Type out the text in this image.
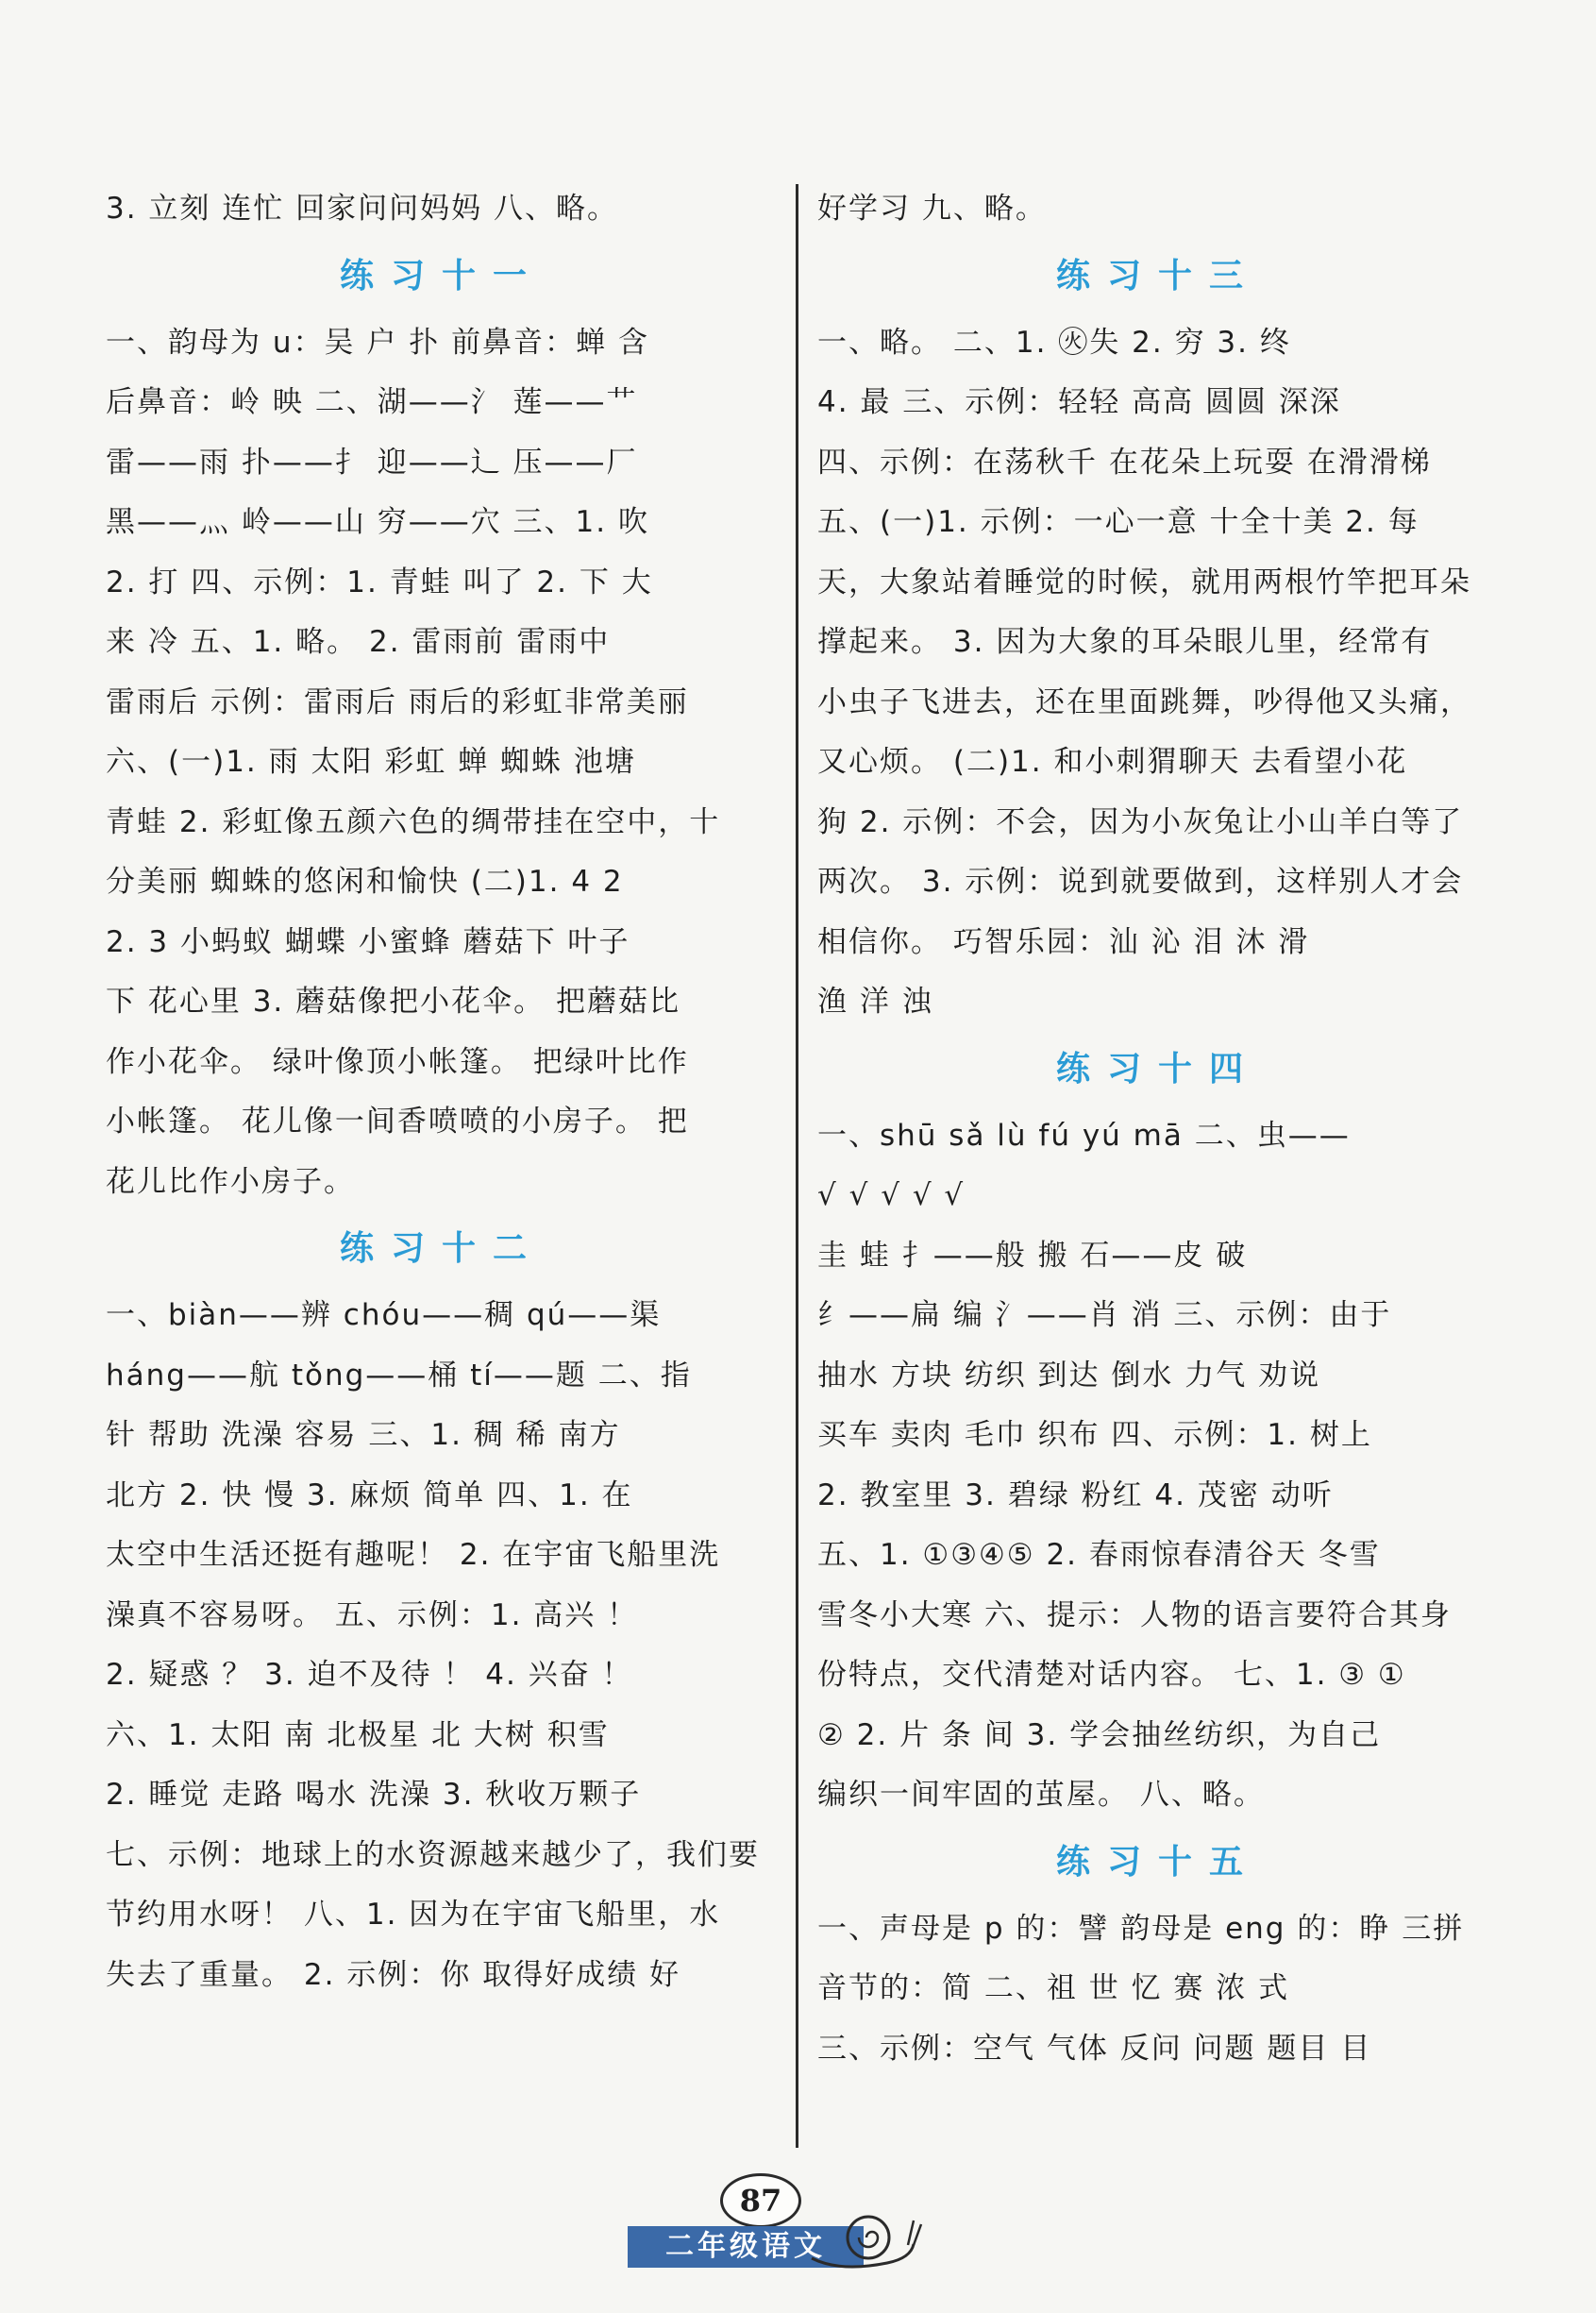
3. 立刻 连忙 回家问问妈妈 八、略。
练习十一
一、韵母为 u：吴 户 扑 前鼻音：蝉 含
后鼻音：岭 映 二、湖——氵 莲——艹
雷——雨 扑——扌 迎——辶 压——厂
黑——灬 岭——山 穷——穴 三、1. 吹
2. 打 四、示例：1. 青蛙 叫了 2. 下 大
来 冷 五、1. 略。 2. 雷雨前 雷雨中
雷雨后 示例：雷雨后 雨后的彩虹非常美丽
六、(一)1. 雨 太阳 彩虹 蝉 蜘蛛 池塘
青蛙 2. 彩虹像五颜六色的绸带挂在空中，十
分美丽 蜘蛛的悠闲和愉快 (二)1. 4 2
2. 3 小蚂蚁 蝴蝶 小蜜蜂 蘑菇下 叶子
下 花心里 3. 蘑菇像把小花伞。 把蘑菇比
作小花伞。 绿叶像顶小帐篷。 把绿叶比作
小帐篷。 花儿像一间香喷喷的小房子。 把
花儿比作小房子。
练习十二
一、biàn——辨 chóu——稠 qú——渠
háng——航 tǒng——桶 tí——题 二、指
针 帮助 洗澡 容易 三、1. 稠 稀 南方
北方 2. 快 慢 3. 麻烦 简单 四、1. 在
太空中生活还挺有趣呢！ 2. 在宇宙飞船里洗
澡真不容易呀。 五、示例：1. 高兴 ！
2. 疑惑 ？ 3. 迫不及待 ！ 4. 兴奋 ！
六、1. 太阳 南 北极星 北 大树 积雪
2. 睡觉 走路 喝水 洗澡 3. 秋收万颗子
七、示例：地球上的水资源越来越少了，我们要
节约用水呀！ 八、1. 因为在宇宙飞船里，水
失去了重量。 2. 示例：你 取得好成绩 好
好学习 九、略。
练习十三
一、略。 二、1. ㊋失 2. 穷 3. 终
4. 最 三、示例：轻轻 高高 圆圆 深深
四、示例：在荡秋千 在花朵上玩耍 在滑滑梯
五、(一)1. 示例：一心一意 十全十美 2. 每
天，大象站着睡觉的时候，就用两根竹竿把耳朵
撑起来。 3. 因为大象的耳朵眼儿里，经常有
小虫子飞进去，还在里面跳舞，吵得他又头痛，
又心烦。 (二)1. 和小刺猬聊天 去看望小花
狗 2. 示例：不会，因为小灰兔让小山羊白等了
两次。 3. 示例：说到就要做到，这样别人才会
相信你。 巧智乐园：汕 沁 泪 沐 滑
渔 洋 浊
练习十四
一、shū sǎ lù fú yú mā 二、虫——
√ √ √ √ √
圭 蛙 扌——般 搬 石——皮 破
纟——扁 编 氵——肖 消 三、示例：由于
抽水 方块 纺织 到达 倒水 力气 劝说
买车 卖肉 毛巾 织布 四、示例：1. 树上
2. 教室里 3. 碧绿 粉红 4. 茂密 动听
五、1. ①③④⑤ 2. 春雨惊春清谷天 冬雪
雪冬小大寒 六、提示：人物的语言要符合其身
份特点，交代清楚对话内容。 七、1. ③ ①
② 2. 片 条 间 3. 学会抽丝纺织，为自己
编织一间牢固的茧屋。 八、略。
练习十五
一、声母是 p 的：譬 韵母是 eng 的：睁 三拼
音节的：简 二、祖 世 忆 赛 浓 式
三、示例：空气 气体 反问 问题 题目 目
87
二年级语文
